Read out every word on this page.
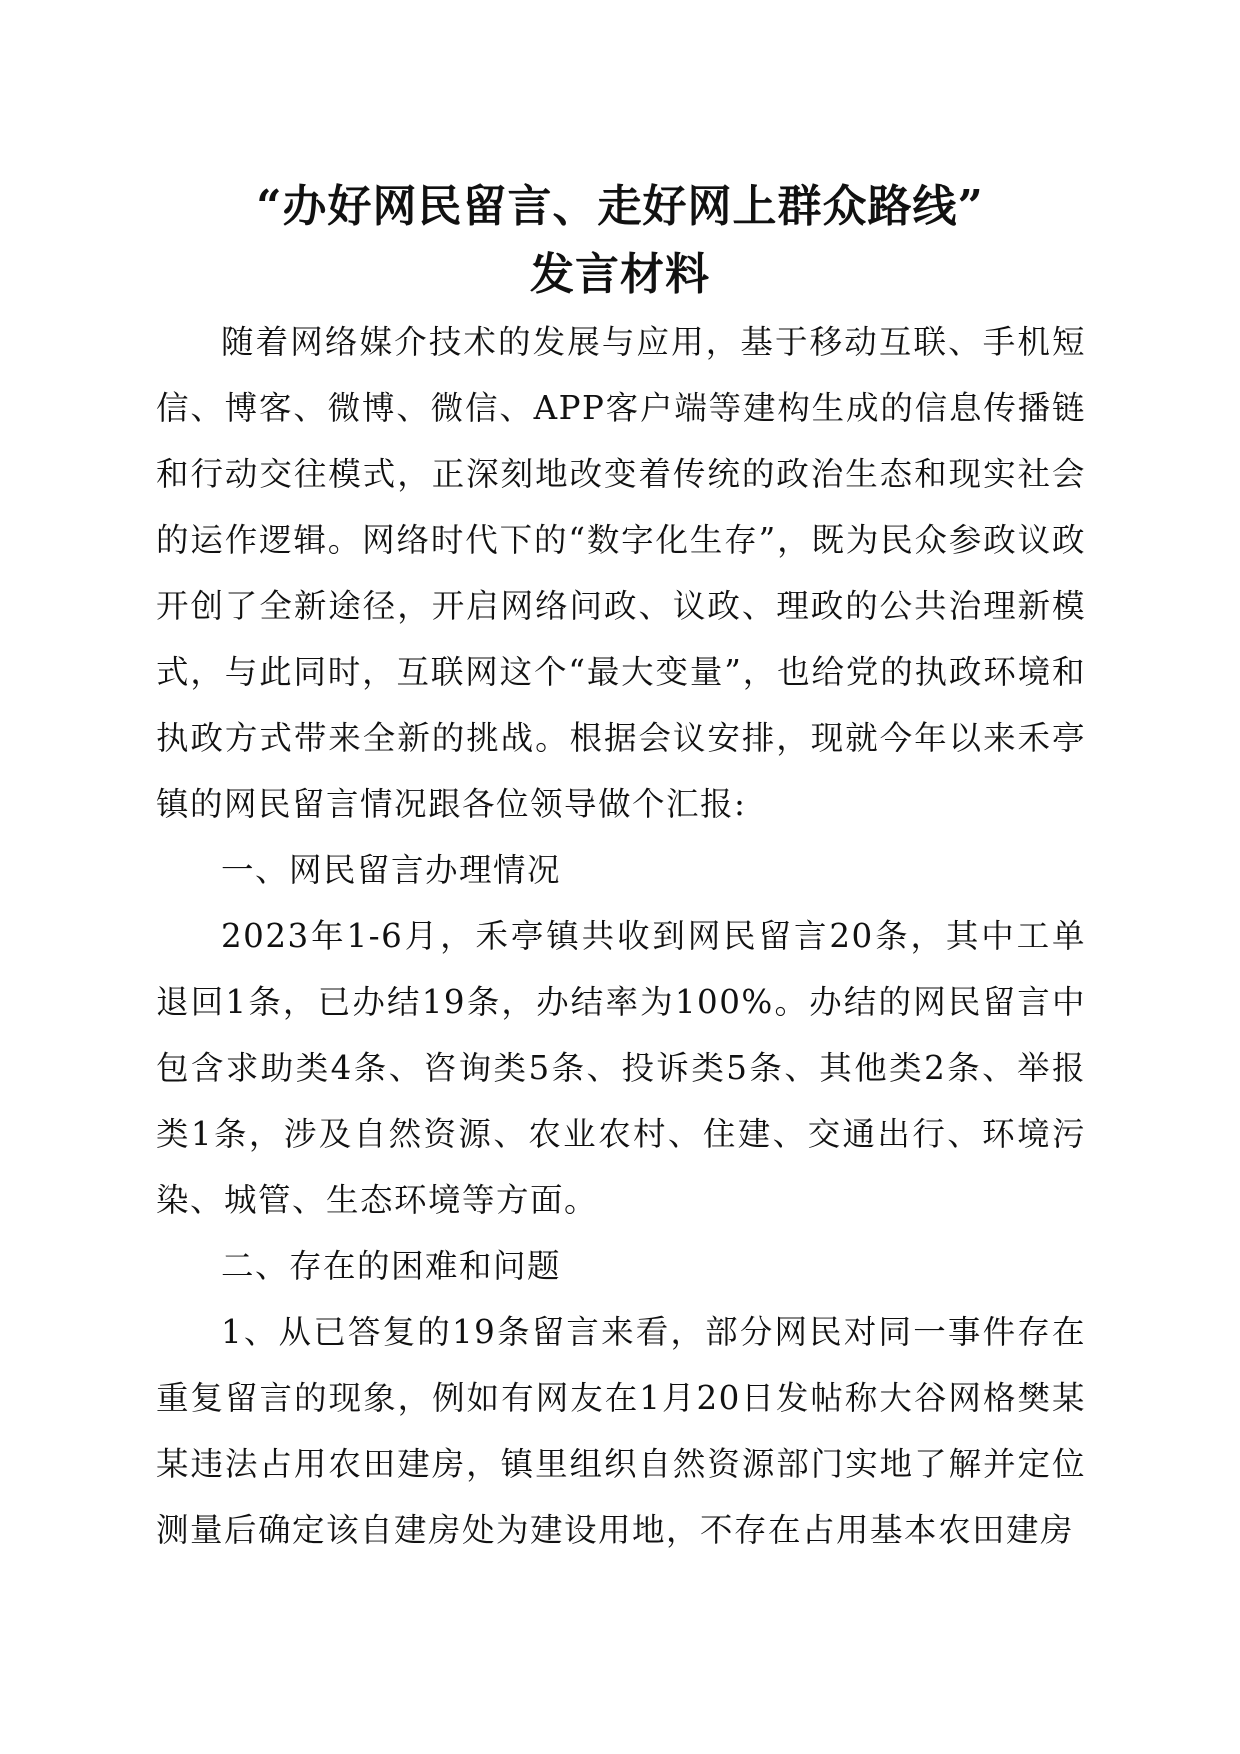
“办好网民留言、走好网上群众路线”
发言材料

随着网络媒介技术的发展与应用，基于移动互联、手机短信、博客、微博、微信、APP客户端等建构生成的信息传播链和行动交往模式，正深刻地改变着传统的政治生态和现实社会的运作逻辑。网络时代下的“数字化生存”，既为民众参政议政开创了全新途径，开启网络问政、议政、理政的公共治理新模式，与此同时，互联网这个“最大变量”，也给党的执政环境和执政方式带来全新的挑战。根据会议安排，现就今年以来禾亭镇的网民留言情况跟各位领导做个汇报:

一、网民留言办理情况

2023年1-6月，禾亭镇共收到网民留言20条，其中工单退回1条，已办结19条，办结率为100%。办结的网民留言中包含求助类4条、咨询类5条、投诉类5条、其他类2条、举报类1条，涉及自然资源、农业农村、住建、交通出行、环境污染、城管、生态环境等方面。

二、存在的困难和问题

1、从已答复的19条留言来看，部分网民对同一事件存在重复留言的现象，例如有网友在1月20日发帖称大谷网格樊某某违法占用农田建房，镇里组织自然资源部门实地了解并定位测量后确定该自建房处为建设用地，不存在占用基本农田建房
